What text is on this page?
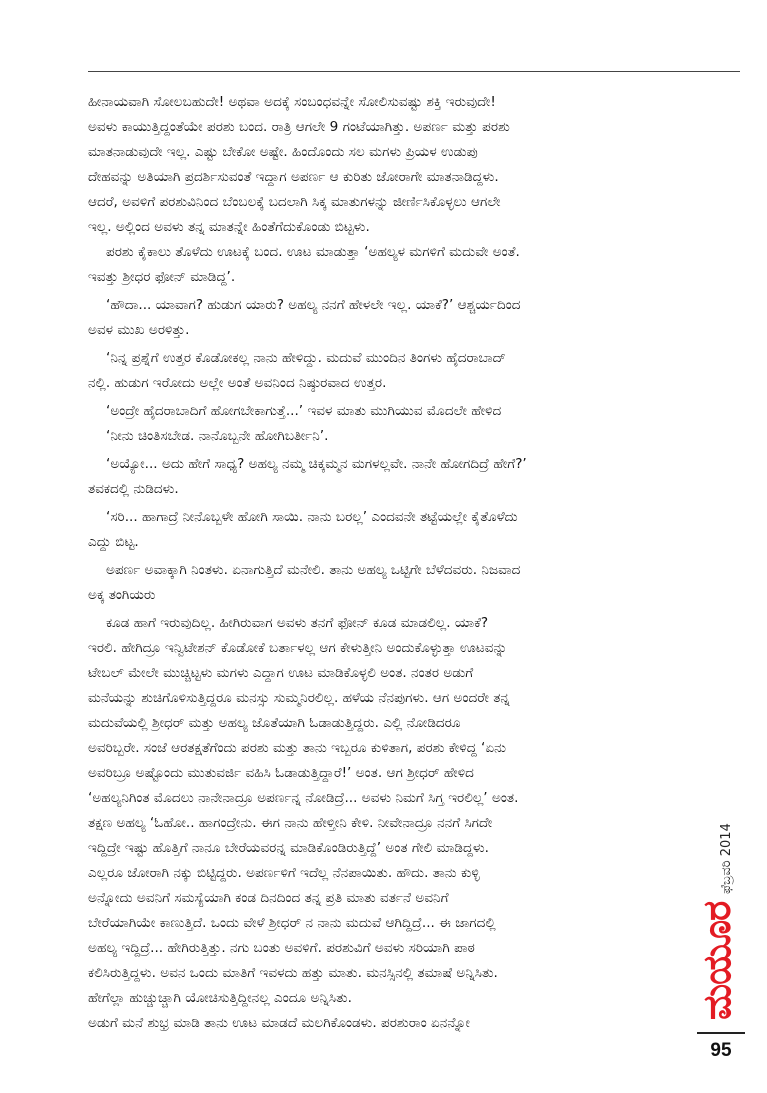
ಹೀನಾಯವಾಗಿ ಸೋಲಬಹುದೇ! ಅಥವಾ ಅದಕ್ಕೆ ಸಂಬಂಧವನ್ನೇ ಸೋಲಿಸುವಷ್ಟು ಶಕ್ತಿ ಇರುವುದೇ!
ಅವಳು ಕಾಯುತ್ತಿದ್ದಂತೆಯೇ ಪರಶು ಬಂದ. ರಾತ್ರಿ ಆಗಲೇ 9 ಗಂಟೆಯಾಗಿತ್ತು. ಅಪರ್ಣ ಮತ್ತು ಪರಶು
ಮಾತನಾಡುವುದೇ ಇಲ್ಲ. ಎಷ್ಟು ಬೇಕೋ ಅಷ್ಟೇ. ಹಿಂದೊಂದು ಸಲ ಮಗಳು ಪ್ರಿಯಳ ಉಡುಪು
ದೇಹವನ್ನು ಅತಿಯಾಗಿ ಪ್ರದರ್ಶಿಸುವಂತೆ ಇದ್ದಾಗ ಅಪರ್ಣ ಆ ಕುರಿತು ಜೋರಾಗೇ ಮಾತನಾಡಿದ್ದಳು.
ಆದರೆ, ಅವಳಿಗೆ ಪರಶುವಿನಿಂದ ಬೆಂಬಲಕ್ಕೆ ಬದಲಾಗಿ ಸಿಕ್ಕ ಮಾತುಗಳನ್ನು ಜೀರ್ಣಿಸಿಕೊಳ್ಳಲು ಆಗಲೇ
ಇಲ್ಲ. ಅಲ್ಲಿಂದ ಅವಳು ತನ್ನ ಮಾತನ್ನೇ ಹಿಂತೆಗೆದುಕೊಂಡು ಬಿಟ್ಟಳು.
ಪರಶು ಕೈಕಾಲು ತೊಳೆದು ಊಟಕ್ಕೆ ಬಂದ. ಊಟ ಮಾಡುತ್ತಾ ‘ಅಹಲ್ಯಳ ಮಗಳಿಗೆ ಮದುವೇ ಅಂತೆ.
ಇವತ್ತು ಶ್ರೀಧರ ಫೋನ್ ಮಾಡಿದ್ದ’.
‘ಹೌದಾ... ಯಾವಾಗ? ಹುಡುಗ ಯಾರು? ಅಹಲ್ಯ ನನಗೆ ಹೇಳಲೇ ಇಲ್ಲ. ಯಾಕೆ?’ ಆಶ್ಚರ್ಯದಿಂದ
ಅವಳ ಮುಖ ಅರಳಿತ್ತು.
‘ನಿನ್ನ ಪ್ರಶ್ನೆಗೆ ಉತ್ತರ ಕೊಡೋಕಲ್ಲ ನಾನು ಹೇಳಿದ್ದು. ಮದುವೆ ಮುಂದಿನ ತಿಂಗಳು ಹೈದರಾಬಾದ್
ನಲ್ಲಿ. ಹುಡುಗ ಇರೋದು ಅಲ್ಲೇ ಅಂತೆ ಅವನಿಂದ ನಿಷ್ಠುರವಾದ ಉತ್ತರ.
‘ಅಂದ್ರೇ ಹೈದರಾಬಾದಿಗೆ ಹೋಗಬೇಕಾಗುತ್ತೆ...’ ಇವಳ ಮಾತು ಮುಗಿಯುವ ಮೊದಲೇ ಹೇಳಿದ
‘ನೀನು ಚಿಂತಿಸಬೇಡ. ನಾನೊಬ್ಬನೇ ಹೋಗಿಬರ್ತೀನಿ’.
‘ಅಯ್ಯೋ... ಅದು ಹೇಗೆ ಸಾಧ್ಯ? ಅಹಲ್ಯ ನಮ್ಮ ಚಿಕ್ಕಮ್ಮನ ಮಗಳಲ್ಲವೇ. ನಾನೇ ಹೋಗದಿದ್ರೆ ಹೇಗೆ?’
ತವಕದಲ್ಲಿ ನುಡಿದಳು.
‘ಸರಿ... ಹಾಗಾದ್ರೆ ನೀನೊಬ್ಬಳೇ ಹೋಗಿ ಸಾಯಿ. ನಾನು ಬರಲ್ಲ’ ಎಂದವನೇ ತಟ್ಟೆಯಲ್ಲೇ ಕೈತೊಳೆದು
ಎದ್ದು ಬಿಟ್ಟ.
ಅಪರ್ಣ ಅವಾಕ್ಕಾಗಿ ನಿಂತಳು. ಏನಾಗುತ್ತಿದೆ ಮನೇಲಿ. ತಾನು ಅಹಲ್ಯ ಒಟ್ಟಿಗೇ ಬೆಳೆದವರು. ನಿಜವಾದ
ಅಕ್ಕ ತಂಗಿಯರು
ಕೂಡ ಹಾಗೆ ಇರುವುದಿಲ್ಲ. ಹೀಗಿರುವಾಗ ಅವಳು ತನಗೆ ಫೋನ್ ಕೂಡ ಮಾಡಲಿಲ್ಲ. ಯಾಕೆ?
ಇರಲಿ. ಹೇಗಿದ್ರೂ ಇನ್ವಿಟೇಶನ್ ಕೊಡೋಕೆ ಬರ್ತಾಳಲ್ಲ ಆಗ ಕೇಳುತ್ತೀನಿ ಅಂದುಕೊಳ್ಳುತ್ತಾ ಊಟವನ್ನು
ಟೇಬಲ್ ಮೇಲೇ ಮುಚ್ಚಿಟ್ಟಳು ಮಗಳು ಎದ್ದಾಗ ಊಟ ಮಾಡಿಕೊಳ್ಳಲಿ ಅಂತ. ನಂತರ ಅಡುಗೆ
ಮನೆಯನ್ನು ಶುಚಿಗೊಳಿಸುತ್ತಿದ್ದರೂ ಮನಸ್ಸು ಸುಮ್ಮನಿರಲಿಲ್ಲ. ಹಳೆಯ ನೆನಪುಗಳು. ಆಗ ಅಂದರೇ ತನ್ನ
ಮದುವೆಯಲ್ಲಿ ಶ್ರೀಧರ್ ಮತ್ತು ಅಹಲ್ಯ ಜೊತೆಯಾಗಿ ಓಡಾಡುತ್ತಿದ್ದರು. ಎಲ್ಲಿ ನೋಡಿದರೂ
ಅವರಿಬ್ಬರೇ. ಸಂಜೆ ಆರತಕ್ಷತೆಗೆಂದು ಪರಶು ಮತ್ತು ತಾನು ಇಬ್ಬರೂ ಕುಳಿತಾಗ, ಪರಶು ಕೇಳಿದ್ದ ‘ಏನು
ಅವರಿಬ್ರೂ ಅಷ್ಟೊಂದು ಮುತುವರ್ಜಿ ವಹಿಸಿ ಓಡಾಡುತ್ತಿದ್ದಾರೆ!’ ಅಂತ. ಆಗ ಶ್ರೀಧರ್ ಹೇಳಿದ
‘ಅಹಲ್ಯನಿಗಿಂತ ಮೊದಲು ನಾನೇನಾದ್ರೂ ಅಪರ್ಣನ್ನ ನೋಡಿದ್ರೆ... ಅವಳು ನಿಮಗೆ ಸಿಗ್ತ ಇರಲಿಲ್ಲ’ ಅಂತ.
ತಕ್ಷಣ ಅಹಲ್ಯ ‘ಓಹೋ.. ಹಾಗಂದ್ರೇನು. ಈಗ ನಾನು ಹೇಳ್ತೀನಿ ಕೇಳಿ. ನೀವೇನಾದ್ರೂ ನನಗೆ ಸಿಗದೇ
ಇದ್ದಿದ್ರೇ ಇಷ್ಟು ಹೊತ್ತಿಗೆ ನಾನೂ ಬೇರೆಯವರನ್ನ ಮಾಡಿಕೊಂಡಿರುತ್ತಿದ್ದೆ’ ಅಂತ ಗೇಲಿ ಮಾಡಿದ್ದಳು.
ಎಲ್ಲರೂ ಜೋರಾಗಿ ನಕ್ಕು ಬಿಟ್ಟಿದ್ದರು. ಅಪರ್ಣಳಿಗೆ ಇದೆಲ್ಲ ನೆನಪಾಯಿತು. ಹೌದು. ತಾನು ಕುಳ್ಳಿ
ಅನ್ನೋದು ಅವನಿಗೆ ಸಮಸ್ಯೆಯಾಗಿ ಕಂಡ ದಿನದಿಂದ ತನ್ನ ಪ್ರತಿ ಮಾತು ವರ್ತನೆ ಅವನಿಗೆ
ಬೇರೆಯಾಗಿಯೇ ಕಾಣುತ್ತಿದೆ. ಒಂದು ವೇಳೆ ಶ್ರೀಧರ್ ನ ನಾನು ಮದುವೆ ಆಗಿದ್ದಿದ್ರೆ... ಈ ಜಾಗದಲ್ಲಿ
ಅಹಲ್ಯ ಇದ್ದಿದ್ರೆ... ಹೇಗಿರುತ್ತಿತ್ತು. ನಗು ಬಂತು ಅವಳಿಗೆ. ಪರಶುವಿಗೆ ಅವಳು ಸರಿಯಾಗಿ ಪಾಠ
ಕಲಿಸಿರುತ್ತಿದ್ದಳು. ಅವನ ಒಂದು ಮಾತಿಗೆ ಇವಳದು ಹತ್ತು ಮಾತು. ಮನಸ್ಸಿನಲ್ಲಿ ತಮಾಷೆ ಅನ್ನಿಸಿತು.
ಹೇಗೆಲ್ಲಾ ಹುಚ್ಚುಚ್ಚಾಗಿ ಯೋಚಿಸುತ್ತಿದ್ದೀನಲ್ಲ ಎಂದೂ ಅನ್ನಿಸಿತು.
ಅಡುಗೆ ಮನೆ ಶುಭ್ರ ಮಾಡಿ ತಾನು ಊಟ ಮಾಡದೆ ಮಲಗಿಕೊಂಡಳು. ಪರಶುರಾಂ ಏನನ್ನೋ
ಮಯೂರ
ಫೆಬ್ರವರಿ 2014
95
